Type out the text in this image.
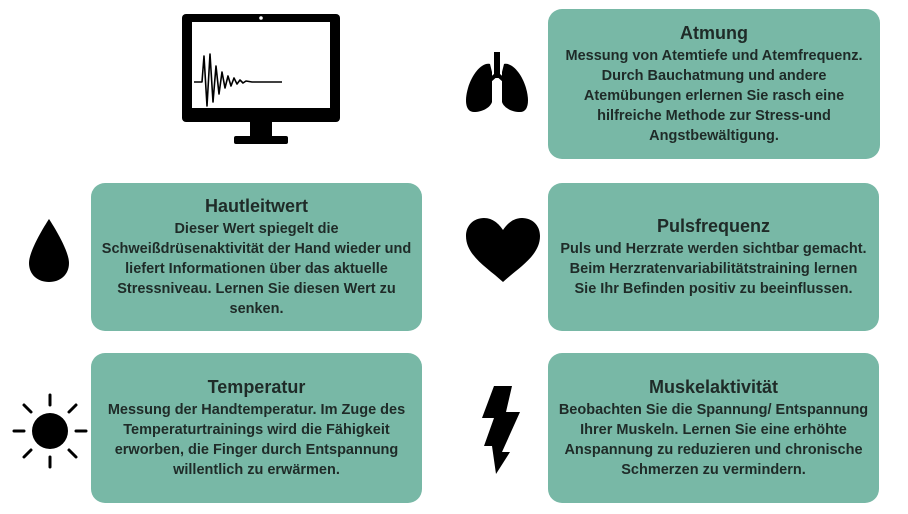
Atmung

Messung von Atemtiefe und Atemfrequenz. Durch Bauchatmung und andere Atemübungen erlernen Sie rasch eine hilfreiche Methode zur Stress-und Angstbewältigung.

Hautleitwert

Dieser Wert spiegelt die Schweißdrüsenaktivität der Hand wieder und liefert Informationen über das aktuelle Stressniveau. Lernen Sie diesen Wert zu senken.

Pulsfrequenz

Puls und Herzrate werden sichtbar gemacht. Beim Herzratenvariabilitätstraining lernen Sie Ihr Befinden positiv zu beeinflussen.

Temperatur

Messung der Handtemperatur. Im Zuge des Temperaturtrainings wird die Fähigkeit erworben, die Finger durch Entspannung willentlich zu erwärmen.

Muskelaktivität

Beobachten Sie die Spannung/ Entspannung Ihrer Muskeln. Lernen Sie eine erhöhte Anspannung zu reduzieren und chronische Schmerzen zu vermindern.
